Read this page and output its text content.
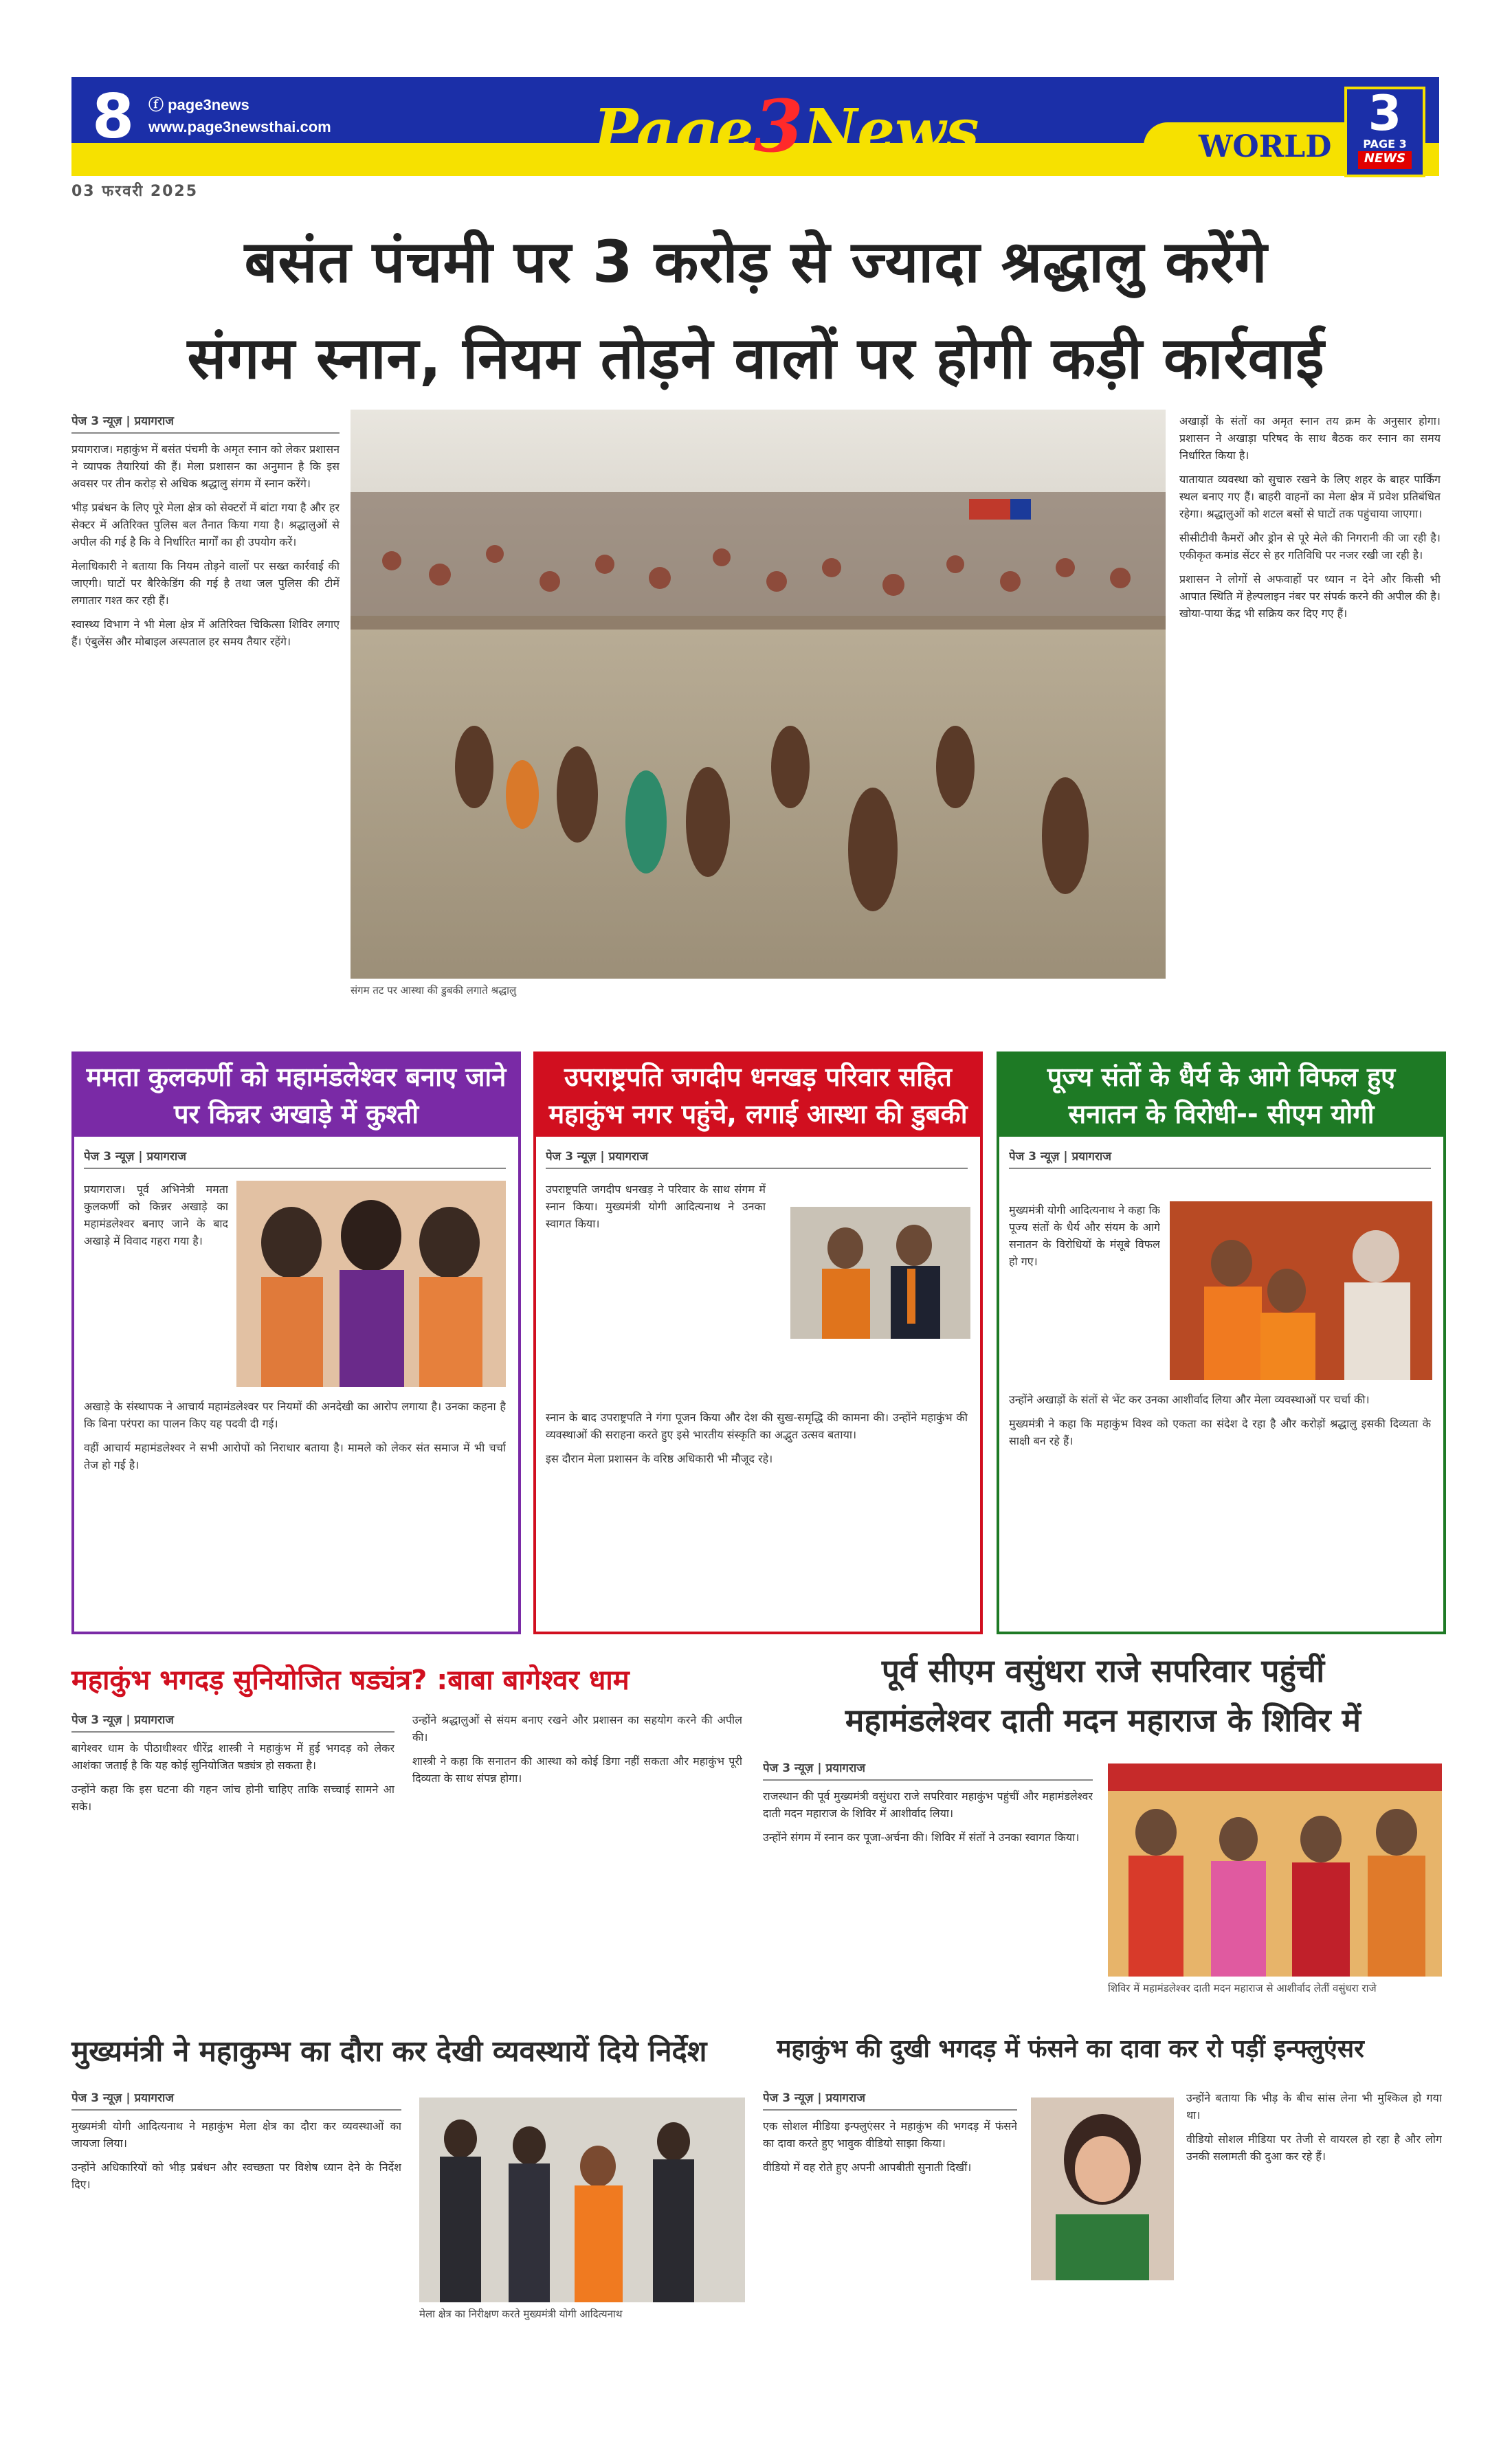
8 ⓕ page3news
www.page3newsthai.com
03 फरवरी 2025
Page3News	WORLD
3
PAGE 3
NEWS
बसंत पंचमी पर 3 करोड़ से ज्यादा श्रद्धालु करेंगे
संगम स्नान, नियम तोड़ने वालों पर होगी कड़ी कार्रवाई
पेज 3 न्यूज़ | प्रयागराज

प्रयागराज। महाकुंभ में बसंत पंचमी के अमृत स्नान को लेकर प्रशासन ने व्यापक तैयारियां की हैं। मेला प्रशासन का अनुमान है कि इस अवसर पर तीन करोड़ से अधिक श्रद्धालु संगम में स्नान करेंगे।

भीड़ प्रबंधन के लिए पूरे मेला क्षेत्र को सेक्टरों में बांटा गया है और हर सेक्टर में अतिरिक्त पुलिस बल तैनात किया गया है। श्रद्धालुओं से अपील की गई है कि वे निर्धारित मार्गों का ही उपयोग करें।

मेलाधिकारी ने बताया कि नियम तोड़ने वालों पर सख्त कार्रवाई की जाएगी। घाटों पर बैरिकेडिंग की गई है तथा जल पुलिस की टीमें लगातार गश्त कर रही हैं।

स्वास्थ्य विभाग ने भी मेला क्षेत्र में अतिरिक्त चिकित्सा शिविर लगाए हैं। एंबुलेंस और मोबाइल अस्पताल हर समय तैयार रहेंगे।

संगम तट पर आस्था की डुबकी लगाते श्रद्धालु

अखाड़ों के संतों का अमृत स्नान तय क्रम के अनुसार होगा। प्रशासन ने अखाड़ा परिषद के साथ बैठक कर स्नान का समय निर्धारित किया है।

यातायात व्यवस्था को सुचारु रखने के लिए शहर के बाहर पार्किंग स्थल बनाए गए हैं। बाहरी वाहनों का मेला क्षेत्र में प्रवेश प्रतिबंधित रहेगा। श्रद्धालुओं को शटल बसों से घाटों तक पहुंचाया जाएगा।

सीसीटीवी कैमरों और ड्रोन से पूरे मेले की निगरानी की जा रही है। एकीकृत कमांड सेंटर से हर गतिविधि पर नजर रखी जा रही है।

प्रशासन ने लोगों से अफवाहों पर ध्यान न देने और किसी भी आपात स्थिति में हेल्पलाइन नंबर पर संपर्क करने की अपील की है। खोया-पाया केंद्र भी सक्रिय कर दिए गए हैं।

ममता कुलकर्णी को महामंडलेश्वर बनाए जाने पर किन्नर अखाड़े में कुश्ती
पेज 3 न्यूज़ | प्रयागराज

प्रयागराज। पूर्व अभिनेत्री ममता कुलकर्णी को किन्नर अखाड़े का महामंडलेश्वर बनाए जाने के बाद अखाड़े में विवाद गहरा गया है।

अखाड़े के संस्थापक ने आचार्य महामंडलेश्वर पर नियमों की अनदेखी का आरोप लगाया है। उनका कहना है कि बिना परंपरा का पालन किए यह पदवी दी गई।

वहीं आचार्य महामंडलेश्वर ने सभी आरोपों को निराधार बताया है। मामले को लेकर संत समाज में भी चर्चा तेज हो गई है।

उपराष्ट्रपति जगदीप धनखड़ परिवार सहित महाकुंभ नगर पहुंचे, लगाई आस्था की डुबकी
पेज 3 न्यूज़ | प्रयागराज

उपराष्ट्रपति जगदीप धनखड़ ने परिवार के साथ संगम में स्नान किया। मुख्यमंत्री योगी आदित्यनाथ ने उनका स्वागत किया।

स्नान के बाद उपराष्ट्रपति ने गंगा पूजन किया और देश की सुख-समृद्धि की कामना की। उन्होंने महाकुंभ की व्यवस्थाओं की सराहना करते हुए इसे भारतीय संस्कृति का अद्भुत उत्सव बताया।

इस दौरान मेला प्रशासन के वरिष्ठ अधिकारी भी मौजूद रहे।

पूज्य संतों के धैर्य के आगे विफल हुए सनातन के विरोधी-- सीएम योगी
पेज 3 न्यूज़ | प्रयागराज

मुख्यमंत्री योगी आदित्यनाथ ने कहा कि पूज्य संतों के धैर्य और संयम के आगे सनातन के विरोधियों के मंसूबे विफल हो गए।

उन्होंने अखाड़ों के संतों से भेंट कर उनका आशीर्वाद लिया और मेला व्यवस्थाओं पर चर्चा की।

मुख्यमंत्री ने कहा कि महाकुंभ विश्व को एकता का संदेश दे रहा है और करोड़ों श्रद्धालु इसकी दिव्यता के साक्षी बन रहे हैं।

महाकुंभ भगदड़ सुनियोजित षड्यंत्र? :बाबा बागेश्वर धाम
पेज 3 न्यूज़ | प्रयागराज

बागेश्वर धाम के पीठाधीश्वर धीरेंद्र शास्त्री ने महाकुंभ में हुई भगदड़ को लेकर आशंका जताई है कि यह कोई सुनियोजित षड्यंत्र हो सकता है।

उन्होंने कहा कि इस घटना की गहन जांच होनी चाहिए ताकि सच्चाई सामने आ सके।

उन्होंने श्रद्धालुओं से संयम बनाए रखने और प्रशासन का सहयोग करने की अपील की।

शास्त्री ने कहा कि सनातन की आस्था को कोई डिगा नहीं सकता और महाकुंभ पूरी दिव्यता के साथ संपन्न होगा।

पूर्व सीएम वसुंधरा राजे सपरिवार पहुंचीं
महामंडलेश्वर दाती मदन महाराज के शिविर में
पेज 3 न्यूज़ | प्रयागराज

राजस्थान की पूर्व मुख्यमंत्री वसुंधरा राजे सपरिवार महाकुंभ पहुंचीं और महामंडलेश्वर दाती मदन महाराज के शिविर में आशीर्वाद लिया।

उन्होंने संगम में स्नान कर पूजा-अर्चना की। शिविर में संतों ने उनका स्वागत किया।

शिविर में महामंडलेश्वर दाती मदन महाराज से आशीर्वाद लेतीं वसुंधरा राजे
मुख्यमंत्री ने महाकुम्भ का दौरा कर देखी व्यवस्थायें दिये निर्देश
पेज 3 न्यूज़ | प्रयागराज

मुख्यमंत्री योगी आदित्यनाथ ने महाकुंभ मेला क्षेत्र का दौरा कर व्यवस्थाओं का जायजा लिया।

उन्होंने अधिकारियों को भीड़ प्रबंधन और स्वच्छता पर विशेष ध्यान देने के निर्देश दिए।

मेला क्षेत्र का निरीक्षण करते मुख्यमंत्री योगी आदित्यनाथ
महाकुंभ की दुखी भगदड़ में फंसने का दावा कर रो पड़ीं इन्फ्लुएंसर
पेज 3 न्यूज़ | प्रयागराज

एक सोशल मीडिया इन्फ्लुएंसर ने महाकुंभ की भगदड़ में फंसने का दावा करते हुए भावुक वीडियो साझा किया।

वीडियो में वह रोते हुए अपनी आपबीती सुनाती दिखीं।

उन्होंने बताया कि भीड़ के बीच सांस लेना भी मुश्किल हो गया था।

वीडियो सोशल मीडिया पर तेजी से वायरल हो रहा है और लोग उनकी सलामती की दुआ कर रहे हैं।
